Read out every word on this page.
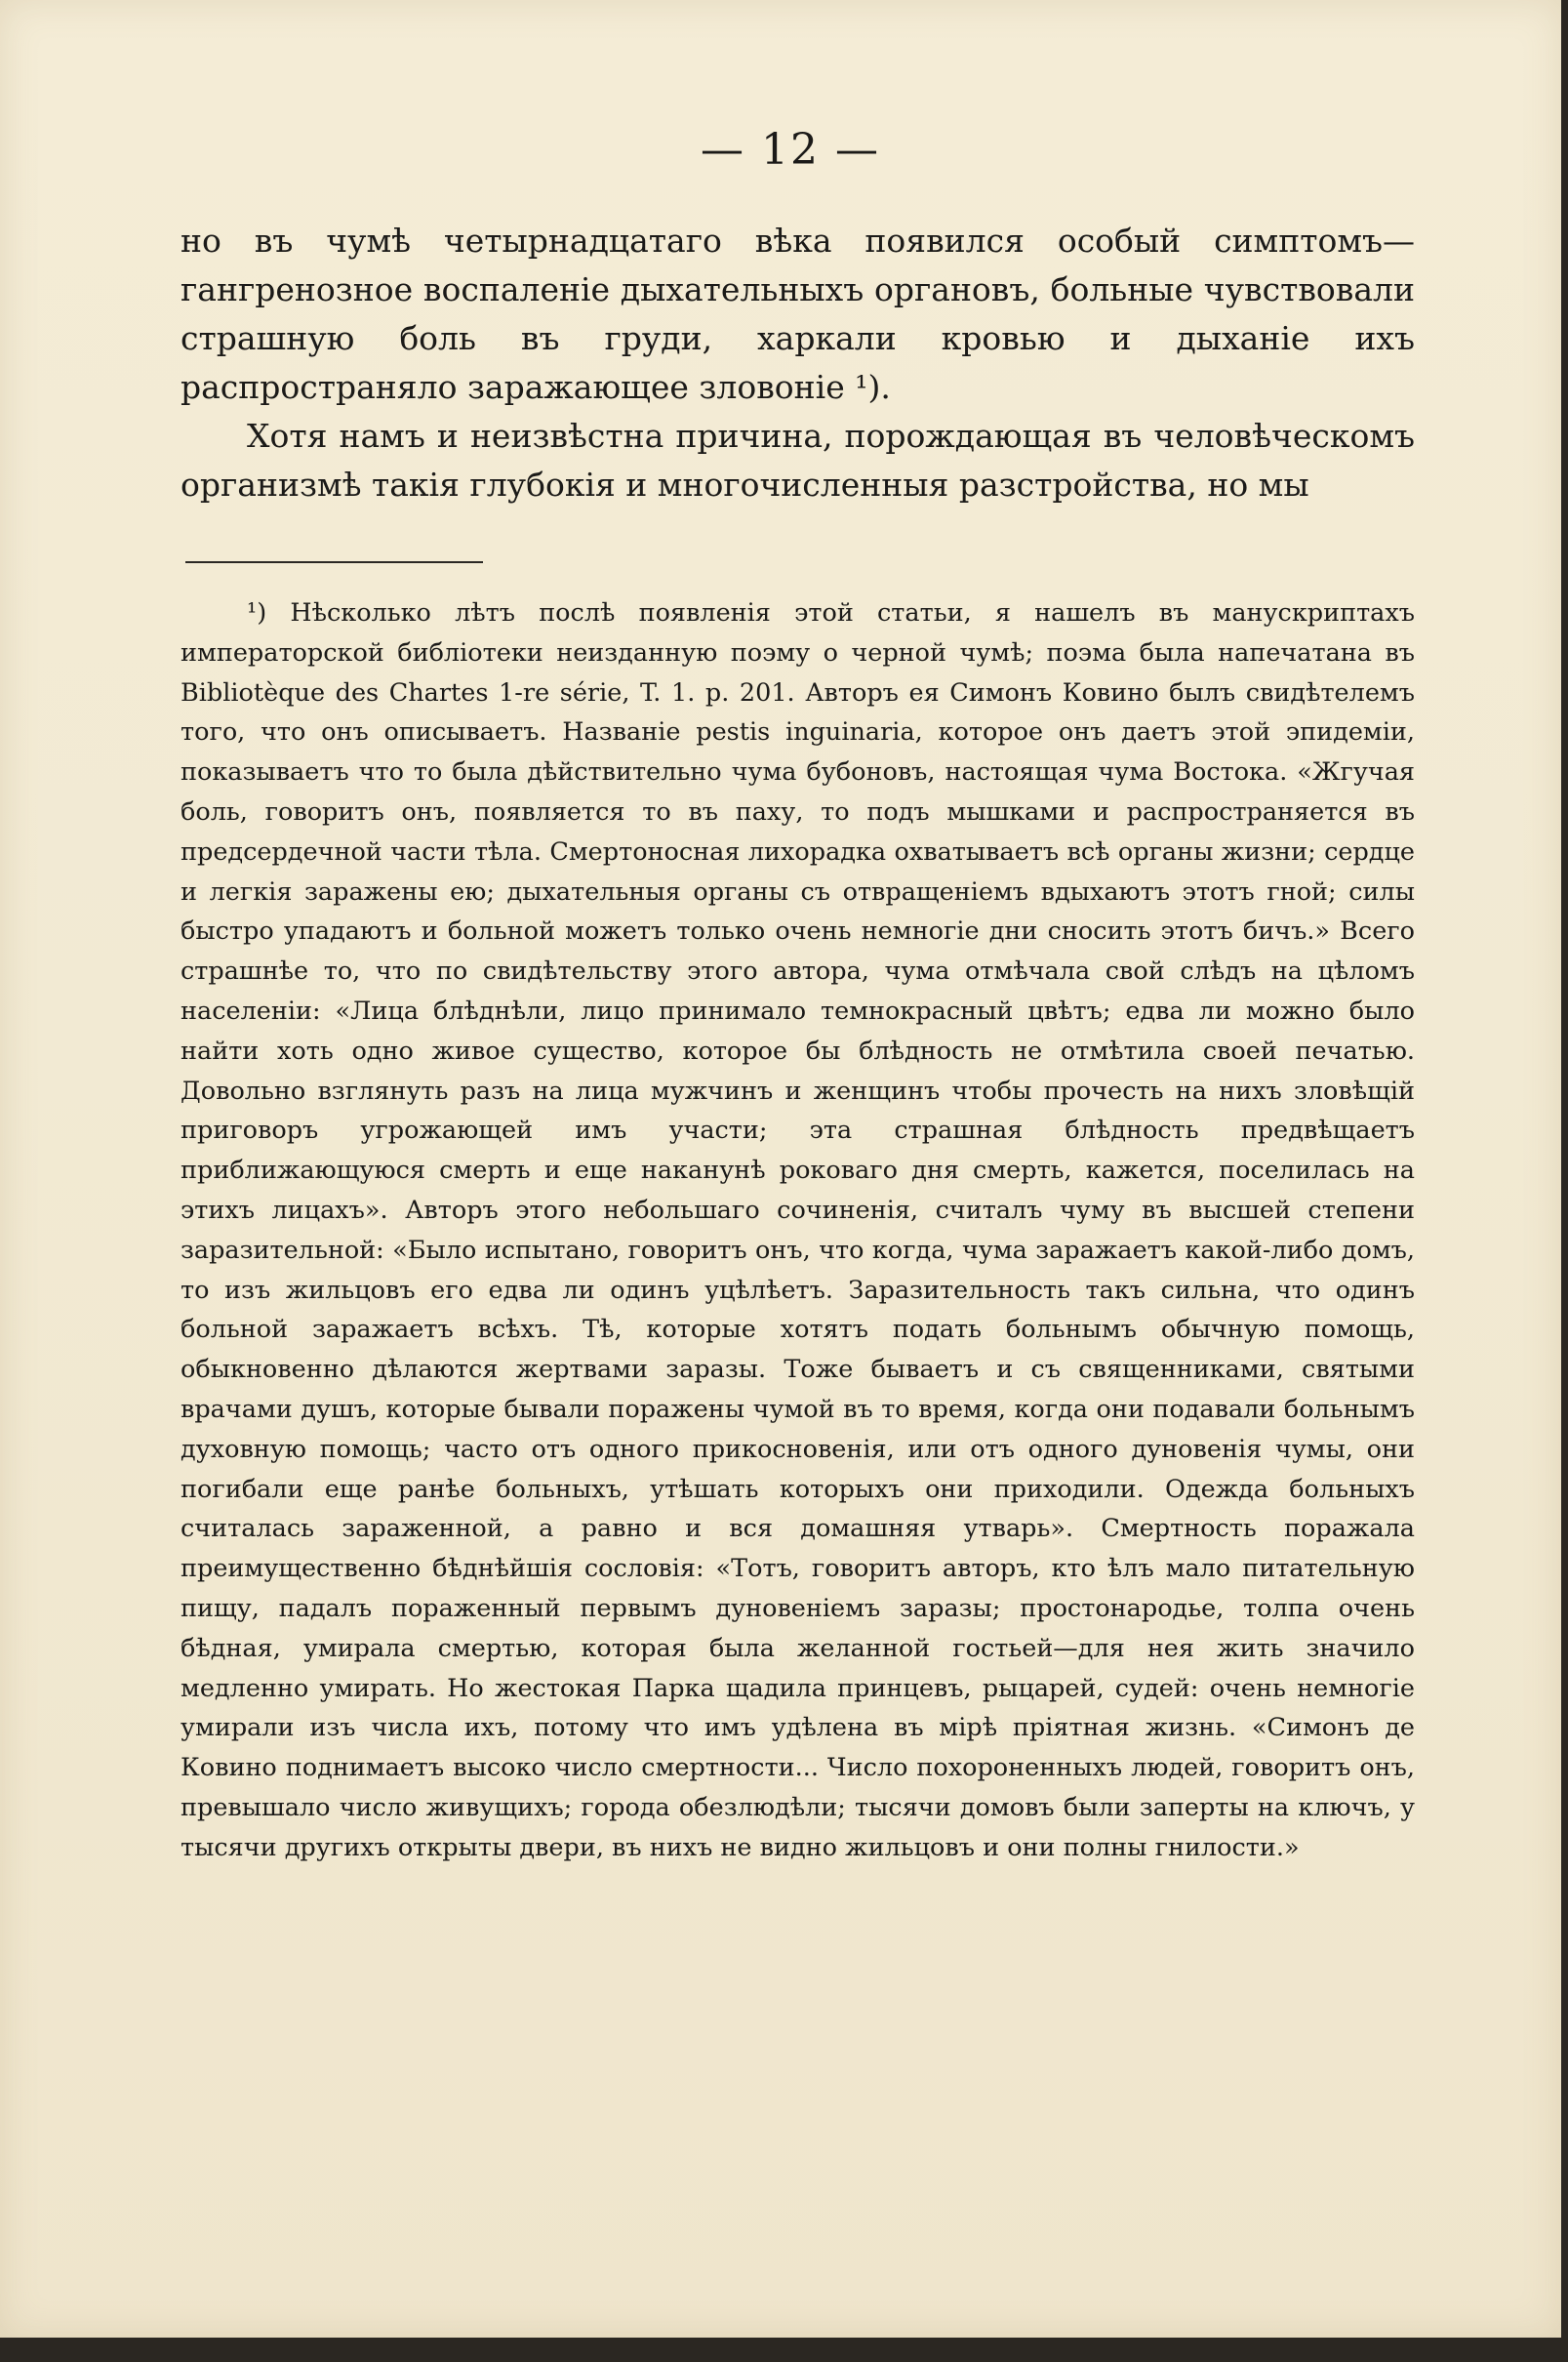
— 12 —

но въ чумѣ четырнадцатаго вѣка появился особый симптомъ—гангренозное воспаленіе дыхательныхъ органовъ, больные чувствовали страшную боль въ груди, харкали кровью и дыханіе ихъ распространяло заражающее зловоніе ¹).

Хотя намъ и неизвѣстна причина, порождающая въ человѣческомъ организмѣ такія глубокія и многочисленныя разстройства, но мы

¹) Нѣсколько лѣтъ послѣ появленія этой статьи, я нашелъ въ манускриптахъ императорской библіотеки неизданную поэму о черной чумѣ; поэма была напечатана въ Bibliotèque des Chartes 1-re série, T. 1. p. 201. Авторъ ея Симонъ Ковино былъ свидѣтелемъ того, что онъ описываетъ. Названіе pestis inguinaria, которое онъ даетъ этой эпидеміи, показываетъ что то была дѣйствительно чума бубоновъ, настоящая чума Востока. «Жгучая боль, говоритъ онъ, появляется то въ паху, то подъ мышками и распространяется въ предсердечной части тѣла. Смертоносная лихорадка охватываетъ всѣ органы жизни; сердце и легкія заражены ею; дыхательныя органы съ отвращеніемъ вдыхаютъ этотъ гной; силы быстро упадаютъ и больной можетъ только очень немногіе дни сносить этотъ бичъ.» Всего страшнѣе то, что по свидѣтельству этого автора, чума отмѣчала свой слѣдъ на цѣломъ населеніи: «Лица блѣднѣли, лицо принимало темнокрасный цвѣтъ; едва ли можно было найти хоть одно живое существо, которое бы блѣдность не отмѣтила своей печатью. Довольно взглянуть разъ на лица мужчинъ и женщинъ чтобы прочесть на нихъ зловѣщій приговоръ угрожающей имъ участи; эта страшная блѣдность предвѣщаетъ приближающуюся смерть и еще наканунѣ роковаго дня смерть, кажется, поселилась на этихъ лицахъ». Авторъ этого небольшаго сочиненія, считалъ чуму въ высшей степени заразительной: «Было испытано, говоритъ онъ, что когда, чума заражаетъ какой-либо домъ, то изъ жильцовъ его едва ли одинъ уцѣлѣетъ. Заразительность такъ сильна, что одинъ больной заражаетъ всѣхъ. Тѣ, которые хотятъ подать больнымъ обычную помощь, обыкновенно дѣлаются жертвами заразы. Тоже бываетъ и съ священниками, святыми врачами душъ, которые бывали поражены чумой въ то время, когда они подавали больнымъ духовную помощь; часто отъ одного прикосновенія, или отъ одного дуновенія чумы, они погибали еще ранѣе больныхъ, утѣшать которыхъ они приходили. Одежда больныхъ считалась зараженной, а равно и вся домашняя утварь». Смертность поражала преимущественно бѣднѣйшія сословія: «Тотъ, говоритъ авторъ, кто ѣлъ мало питательную пищу, падалъ пораженный первымъ дуновеніемъ заразы; простонародье, толпа очень бѣдная, умирала смертью, которая была желанной гостьей—для нея жить значило медленно умирать. Но жестокая Парка щадила принцевъ, рыцарей, судей: очень немногіе умирали изъ числа ихъ, потому что имъ удѣлена въ мірѣ пріятная жизнь. «Симонъ де Ковино поднимаетъ высоко число смертности... Число похороненныхъ людей, говоритъ онъ, превышало число живущихъ; города обезлюдѣли; тысячи домовъ были заперты на ключъ, у тысячи другихъ открыты двери, въ нихъ не видно жильцовъ и они полны гнилости.»
